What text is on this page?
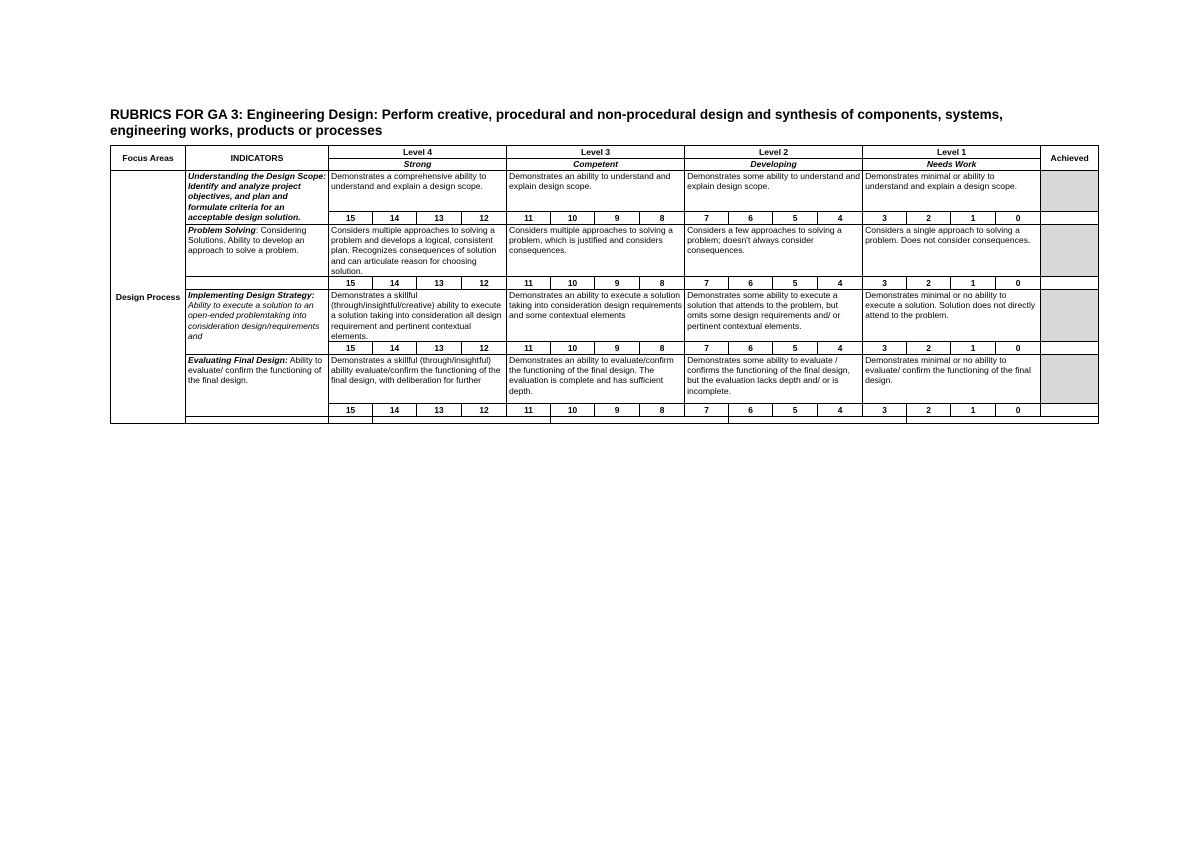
RUBRICS FOR GA 3: Engineering Design: Perform creative, procedural and non-procedural design and synthesis of components, systems, engineering works, products or processes
Focus Areas	INDICATORS	Level 4				Level 3				Level 2				Level 1				Achieved	
		Strong				Competent				Developing				Needs Work					
Design Process	Understanding the Design Scope: Identify and analyze project objectives, and plan and formulate criteria for an acceptable design solution.	Demonstrates a comprehensive ability to understand and explain a design scope.				Demonstrates an ability to understand and explain design scope.				Demonstrates some ability to understand and explain design scope.				Demonstrates minimal or ability to understand and explain a design scope.					
		15	14	13	12	11	10	9	8	7	6	5	4	3	2	1	0		
	Problem Solving: Considering Solutions. Ability to develop an approach to solve a problem.	Considers multiple approaches to solving a problem and develops a logical, consistent plan. Recognizes consequences of solution and can articulate reason for choosing solution.				Considers multiple approaches to solving a problem, which is justified and considers consequences.				Considers a few approaches to solving a problem; doesn't always consider consequences.				Considers a single approach to solving a problem. Does not consider consequences.					
		15	14	13	12	11	10	9	8	7	6	5	4	3	2	1	0		
	Implementing Design Strategy: Ability to execute a solution to an open-ended problemtaking into consideration design/requirements and	Demonstrates a skillful (through/insightful/creative) ability to execute a solution taking into consideration all design requirement and pertinent contextual elements.				Demonstrates an ability to execute a solution taking into consideration design requirements and some contextual elements				Demonstrates some ability to execute a solution that attends to the problem, but omits some design requirements and/ or pertinent contextual elements.				Demonstrates minimal or no ability to execute a solution. Solution does not directly attend to the problem.					
		15	14	13	12	11	10	9	8	7	6	5	4	3	2	1	0		
	Evaluating Final Design: Ability to evaluate/ confirm the functioning of the final design.	Demonstrates a skillful (through/insightful) ability evaluate/confirm the functioning of the final design, with deliberation for further				Demonstrates an ability to evaluate/confirm the functioning of the final design. The evaluation is complete and has sufficient depth.				Demonstrates some ability to evaluate / confirms the functioning of the final design, but the evaluation lacks depth and/ or is incomplete.				Demonstrates minimal or no ability to evaluate/ confirm the functioning of the final design.					
		15	14	13	12	11	10	9	8	7	6	5	4	3	2	1	0		
